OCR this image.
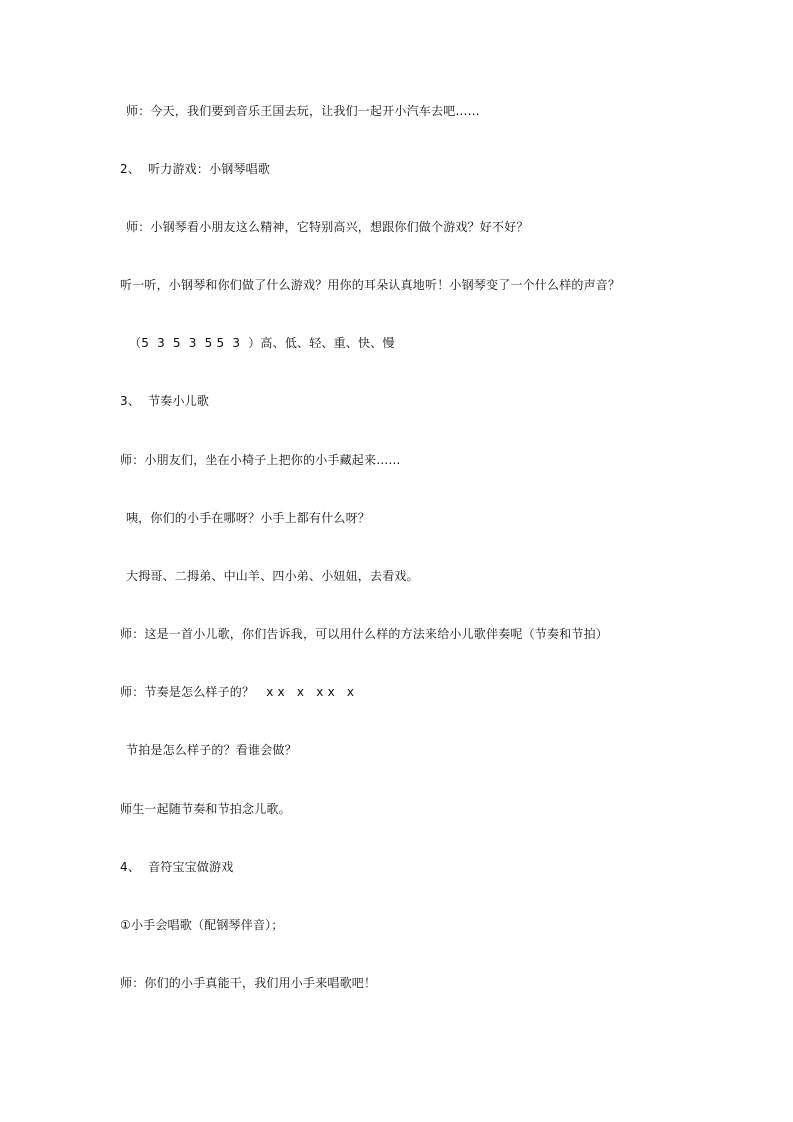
师：今天，我们要到音乐王国去玩，让我们一起开小汽车去吧……
2、  听力游戏：小钢琴唱歌
师：小钢琴看小朋友这么精神，它特别高兴，想跟你们做个游戏？好不好？
听一听，小钢琴和你们做了什么游戏？用你的耳朵认真地听！小钢琴变了一个什么样的声音？
（5  3  5  3  5 5  3  ）高、低、轻、重、快、慢
3、  节奏小儿歌
师：小朋友们，坐在小椅子上把你的小手藏起来……
咦，你们的小手在哪呀？小手上都有什么呀？
大拇哥、二拇弟、中山羊、四小弟、小妞妞，去看戏。
师：这是一首小儿歌，你们告诉我，可以用什么样的方法来给小儿歌伴奏呢（节奏和节拍）
师：节奏是怎么样子的？   x x   x   x x   x
节拍是怎么样子的？看谁会做？
师生一起随节奏和节拍念儿歌。
4、  音符宝宝做游戏
①小手会唱歌（配钢琴伴音）；
师：你们的小手真能干，我们用小手来唱歌吧！
